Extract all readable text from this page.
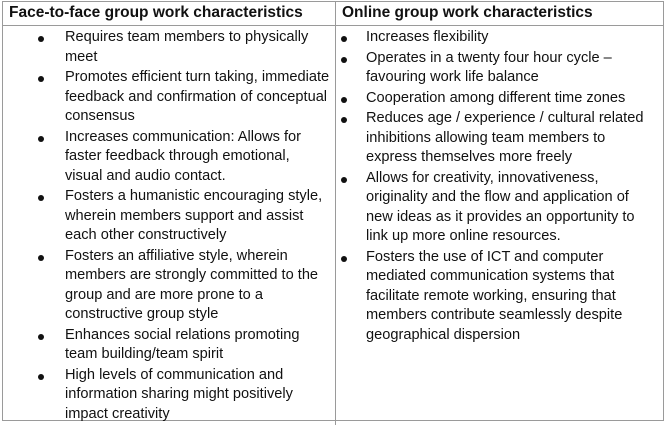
Face-to-face group work characteristics	Online group work characteristics
Requires team members to physically meet
Promotes efficient turn taking, immediate feedback and confirmation of conceptual consensus
Increases communication: Allows for faster feedback through emotional, visual and audio contact.
Fosters a humanistic encouraging style, wherein members support and assist each other constructively
Fosters an affiliative style, wherein members are strongly committed to the group and are more prone to a constructive group style
Enhances social relations promoting team building/team spirit
High levels of communication and information sharing might positively impact creativity
Increases flexibility
Operates in a twenty four hour cycle – favouring work life balance
Cooperation among different time zones
Reduces age / experience / cultural related inhibitions allowing team members to express themselves more freely
Allows for creativity, innovativeness, originality and the flow and application of new ideas as it provides an opportunity to link up more online resources.
Fosters the use of ICT and computer mediated communication systems that facilitate remote working, ensuring that members contribute seamlessly despite geographical dispersion
